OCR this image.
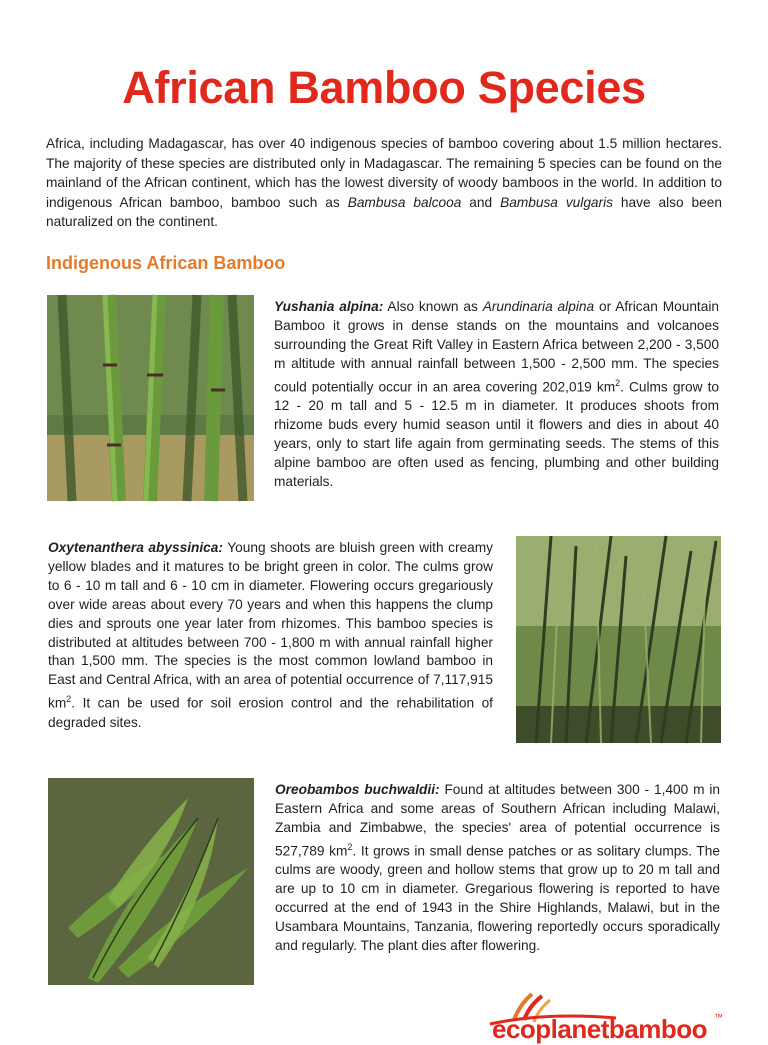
African Bamboo Species

Africa, including Madagascar, has over 40 indigenous species of bamboo covering about 1.5 million hectares. The majority of these species are distributed only in Madagascar. The remaining 5 species can be found on the mainland of the African continent, which has the lowest diversity of woody bamboos in the world. In addition to indigenous African bamboo, bamboo such as Bambusa balcooa and Bambusa vulgaris have also been naturalized on the continent.

Indigenous African Bamboo

Yushania alpina: Also known as Arundinaria alpina or African Mountain Bamboo it grows in dense stands on the mountains and volcanoes surrounding the Great Rift Valley in Eastern Africa between 2,200 - 3,500 m altitude with annual rainfall between 1,500 - 2,500 mm. The species could potentially occur in an area covering 202,019 $km^2$. Culms grow to 12 - 20 m tall and 5 - 12.5 m in diameter. It produces shoots from rhizome buds every humid season until it flowers and dies in about 40 years, only to start life again from germinating seeds. The stems of this alpine bamboo are often used as fencing, plumbing and other building materials.

Oxytenanthera abyssinica: Young shoots are bluish green with creamy yellow blades and it matures to be bright green in color. The culms grow to 6 - 10 m tall and 6 - 10 cm in diameter. Flowering occurs gregariously over wide areas about every 70 years and when this happens the clump dies and sprouts one year later from rhizomes. This bamboo species is distributed at altitudes between 700 - 1,800 m with annual rainfall higher than 1,500 mm. The species is the most common lowland bamboo in East and Central Africa, with an area of potential occurrence of 7,117,915 $km^2$. It can be used for soil erosion control and the rehabilitation of degraded sites.

Oreobambos buchwaldii: Found at altitudes between 300 - 1,400 m in Eastern Africa and some areas of Southern African including Malawi, Zambia and Zimbabwe, the species' area of potential occurrence is 527,789 $km^2$. It grows in small dense patches or as solitary clumps. The culms are woody, green and hollow stems that grow up to 20 m tall and are up to 10 cm in diameter. Gregarious flowering is reported to have occurred at the end of 1943 in the Shire Highlands, Malawi, but in the Usambara Mountains, Tanzania, flowering reportedly occurs sporadically and regularly. The plant dies after flowering.

ecoplanetbamboo ™
